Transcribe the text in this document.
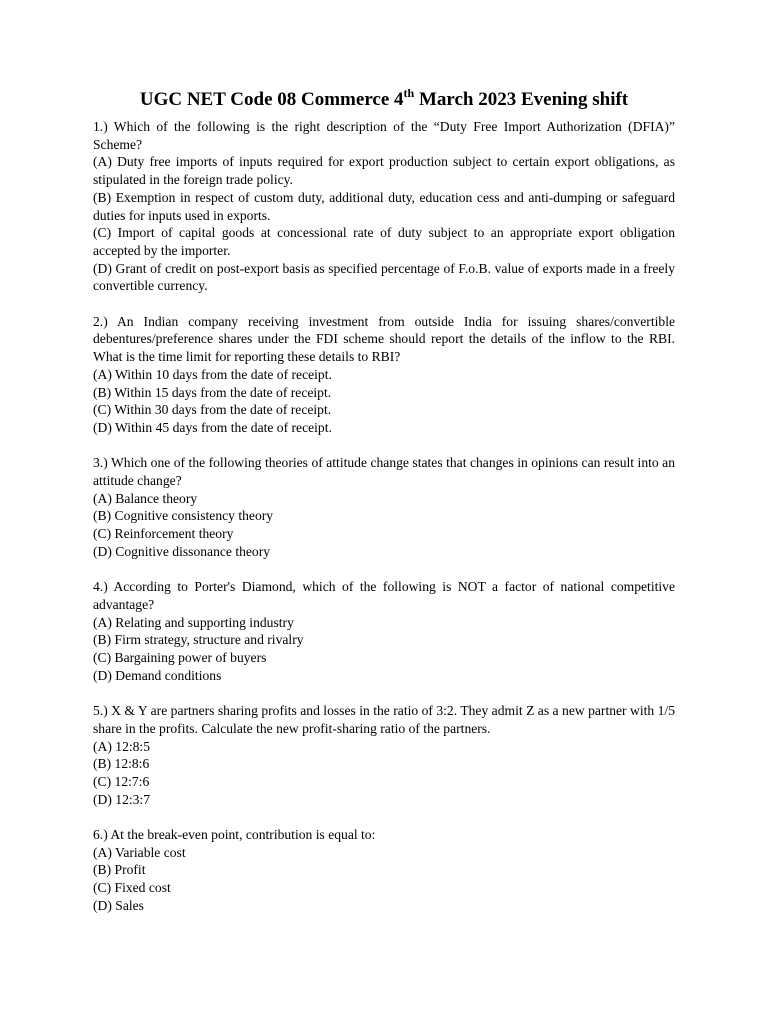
UGC NET Code 08 Commerce 4th March 2023 Evening shift

1.) Which of the following is the right description of the “Duty Free Import Authorization (DFIA)” Scheme?

(A) Duty free imports of inputs required for export production subject to certain export obligations, as stipulated in the foreign trade policy.

(B) Exemption in respect of custom duty, additional duty, education cess and anti-dumping or safeguard duties for inputs used in exports.

(C) Import of capital goods at concessional rate of duty subject to an appropriate export obligation accepted by the importer.

(D) Grant of credit on post-export basis as specified percentage of F.o.B. value of exports made in a freely convertible currency.

2.) An Indian company receiving investment from outside India for issuing shares/convertible debentures/preference shares under the FDI scheme should report the details of the inflow to the RBI. What is the time limit for reporting these details to RBI?

(A) Within 10 days from the date of receipt.

(B) Within 15 days from the date of receipt.

(C) Within 30 days from the date of receipt.

(D) Within 45 days from the date of receipt.

3.) Which one of the following theories of attitude change states that changes in opinions can result into an attitude change?

(A) Balance theory

(B) Cognitive consistency theory

(C) Reinforcement theory

(D) Cognitive dissonance theory

4.) According to Porter's Diamond, which of the following is NOT a factor of national competitive advantage?

(A) Relating and supporting industry

(B) Firm strategy, structure and rivalry

(C) Bargaining power of buyers

(D) Demand conditions

5.) X & Y are partners sharing profits and losses in the ratio of 3:2. They admit Z as a new partner with 1/5 share in the profits. Calculate the new profit-sharing ratio of the partners.

(A) 12:8:5

(B) 12:8:6

(C) 12:7:6

(D) 12:3:7

6.) At the break-even point, contribution is equal to:

(A) Variable cost

(B) Profit

(C) Fixed cost

(D) Sales
